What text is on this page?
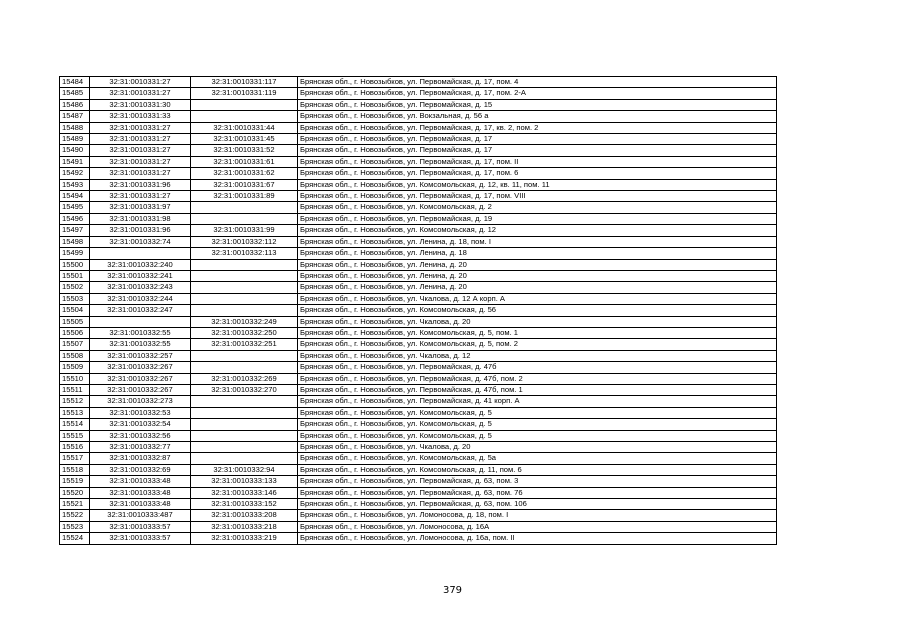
15484	32:31:0010331:27	32:31:0010331:117	Брянская обл., г. Новозыбков, ул. Первомайская, д. 17, пом. 4
15485	32:31:0010331:27	32:31:0010331:119	Брянская обл., г. Новозыбков, ул. Первомайская, д. 17, пом. 2-А
15486	32:31:0010331:30		Брянская обл., г. Новозыбков, ул. Первомайская, д. 15
15487	32:31:0010331:33		Брянская обл., г. Новозыбков, ул. Вокзальная, д. 56 а
15488	32:31:0010331:27	32:31:0010331:44	Брянская обл., г. Новозыбков, ул. Первомайская, д. 17, кв. 2, пом. 2
15489	32:31:0010331:27	32:31:0010331:45	Брянская обл., г. Новозыбков, ул. Первомайская, д. 17
15490	32:31:0010331:27	32:31:0010331:52	Брянская обл., г. Новозыбков, ул. Первомайская, д. 17
15491	32:31:0010331:27	32:31:0010331:61	Брянская обл., г. Новозыбков, ул. Первомайская, д. 17, пом. II
15492	32:31:0010331:27	32:31:0010331:62	Брянская обл., г. Новозыбков, ул. Первомайская, д. 17, пом. 6
15493	32:31:0010331:96	32:31:0010331:67	Брянская обл., г. Новозыбков, ул. Комсомольская, д. 12, кв. 11, пом. 11
15494	32:31:0010331:27	32:31:0010331:89	Брянская обл., г. Новозыбков, ул. Первомайская, д. 17, пом. VIII
15495	32:31:0010331:97		Брянская обл., г. Новозыбков, ул. Комсомольская, д. 2
15496	32:31:0010331:98		Брянская обл., г. Новозыбков, ул. Первомайская, д. 19
15497	32:31:0010331:96	32:31:0010331:99	Брянская обл., г. Новозыбков, ул. Комсомольская, д. 12
15498	32:31:0010332:74	32:31:0010332:112	Брянская обл., г. Новозыбков, ул. Ленина, д. 18, пом. I
15499		32:31:0010332:113	Брянская обл., г. Новозыбков, ул. Ленина, д. 18
15500	32:31:0010332:240		Брянская обл., г. Новозыбков, ул. Ленина, д. 20
15501	32:31:0010332:241		Брянская обл., г. Новозыбков, ул. Ленина, д. 20
15502	32:31:0010332:243		Брянская обл., г. Новозыбков, ул. Ленина, д. 20
15503	32:31:0010332:244		Брянская обл., г. Новозыбков, ул. Чкалова, д. 12 А корп. А
15504	32:31:0010332:247		Брянская обл., г. Новозыбков, ул. Комсомольская, д. 56
15505		32:31:0010332:249	Брянская обл., г. Новозыбков, ул. Чкалова, д. 20
15506	32:31:0010332:55	32:31:0010332:250	Брянская обл., г. Новозыбков, ул. Комсомольская, д. 5, пом. 1
15507	32:31:0010332:55	32:31:0010332:251	Брянская обл., г. Новозыбков, ул. Комсомольская, д. 5, пом. 2
15508	32:31:0010332:257		Брянская обл., г. Новозыбков, ул. Чкалова, д. 12
15509	32:31:0010332:267		Брянская обл., г. Новозыбков, ул. Первомайская, д. 47б
15510	32:31:0010332:267	32:31:0010332:269	Брянская обл., г. Новозыбков, ул. Первомайская, д. 47б, пом. 2
15511	32:31:0010332:267	32:31:0010332:270	Брянская обл., г. Новозыбков, ул. Первомайская, д. 47б, пом. 1
15512	32:31:0010332:273		Брянская обл., г. Новозыбков, ул. Первомайская, д. 41 корп. А
15513	32:31:0010332:53		Брянская обл., г. Новозыбков, ул. Комсомольская, д. 5
15514	32:31:0010332:54		Брянская обл., г. Новозыбков, ул. Комсомольская, д. 5
15515	32:31:0010332:56		Брянская обл., г. Новозыбков, ул. Комсомольская, д. 5
15516	32:31:0010332:77		Брянская обл., г. Новозыбков, ул. Чкалова, д. 20
15517	32:31:0010332:87		Брянская обл., г. Новозыбков, ул. Комсомольская, д. 5а
15518	32:31:0010332:69	32:31:0010332:94	Брянская обл., г. Новозыбков, ул. Комсомольская, д. 11, пом. 6
15519	32:31:0010333:48	32:31:0010333:133	Брянская обл., г. Новозыбков, ул. Первомайская, д. 63, пом. 3
15520	32:31:0010333:48	32:31:0010333:146	Брянская обл., г. Новозыбков, ул. Первомайская, д. 63, пом. 76
15521	32:31:0010333:48	32:31:0010333:152	Брянская обл., г. Новозыбков, ул. Первомайская, д. 63, пом. 106
15522	32:31:0010333:487	32:31:0010333:208	Брянская обл., г. Новозыбков, ул. Ломоносова, д. 18, пом. I
15523	32:31:0010333:57	32:31:0010333:218	Брянская обл., г. Новозыбков, ул. Ломоносова, д. 16А
15524	32:31:0010333:57	32:31:0010333:219	Брянская обл., г. Новозыбков, ул. Ломоносова, д. 16а, пом. II
379
